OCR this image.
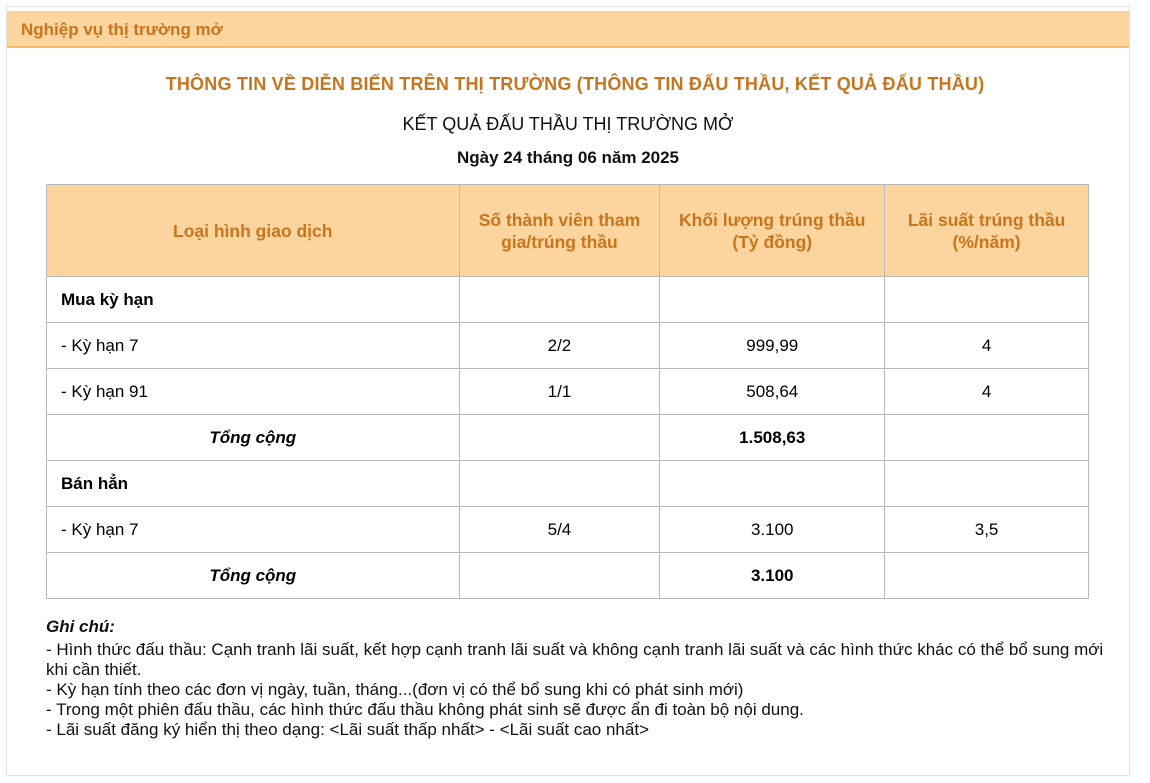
Nghiệp vụ thị trường mở
THÔNG TIN VỀ DIỄN BIẾN TRÊN THỊ TRƯỜNG (THÔNG TIN ĐẤU THẦU, KẾT QUẢ ĐẤU THẦU)
KẾT QUẢ ĐẤU THẦU THỊ TRƯỜNG MỞ
Ngày 24 tháng 06 năm 2025
Loại hình giao dịch	Số thành viên tham gia/trúng thầu	Khối lượng trúng thầu (Tỷ đồng)	Lãi suất trúng thầu (%/năm)
Mua kỳ hạn			
- Kỳ hạn 7	2/2	999,99	4
- Kỳ hạn 91	1/1	508,64	4
Tổng cộng		1.508,63	
Bán hẳn			
- Kỳ hạn 7	5/4	3.100	3,5
Tổng cộng		3.100	
Ghi chú:
- Hình thức đấu thầu: Cạnh tranh lãi suất, kết hợp cạnh tranh lãi suất và không cạnh tranh lãi suất và các hình thức khác có thể bổ sung mới khi cần thiết.
- Kỳ hạn tính theo các đơn vị ngày, tuần, tháng...(đơn vị có thể bổ sung khi có phát sinh mới)
- Trong một phiên đấu thầu, các hình thức đấu thầu không phát sinh sẽ được ẩn đi toàn bộ nội dung.
- Lãi suất đăng ký hiển thị theo dạng: <Lãi suất thấp nhất> - <Lãi suất cao nhất>
